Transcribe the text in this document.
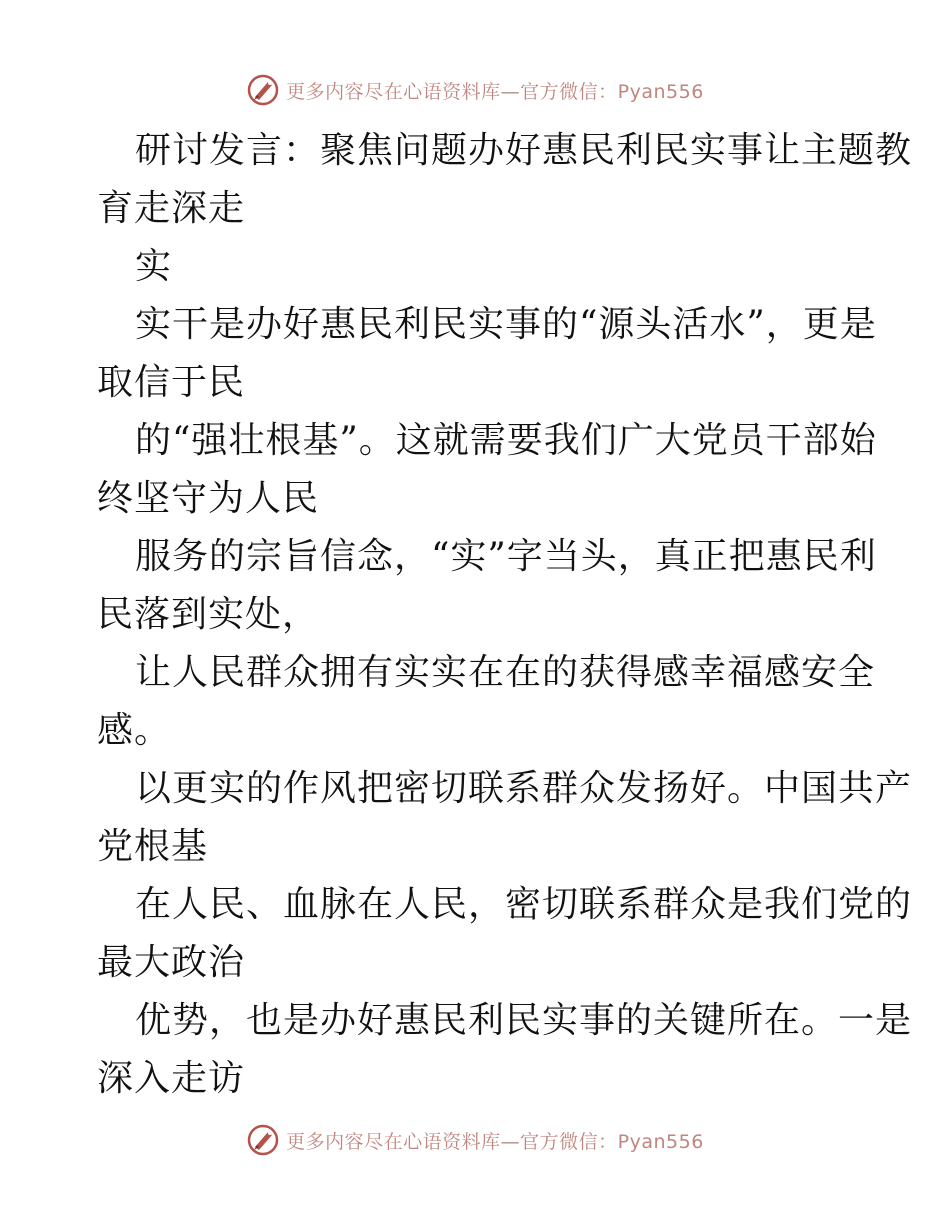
更多内容尽在心语资料库—官方微信：Pyan556
研讨发言：聚焦问题办好惠民利民实事让主题教
育走深走
实
实干是办好惠民利民实事的“源头活水”，更是
取信于民
的“强壮根基”。这就需要我们广大党员干部始
终坚守为人民
服务的宗旨信念，“实”字当头，真正把惠民利
民落到实处，
让人民群众拥有实实在在的获得感幸福感安全
感。
以更实的作风把密切联系群众发扬好。中国共产
党根基
在人民、血脉在人民，密切联系群众是我们党的
最大政治
优势，也是办好惠民利民实事的关键所在。一是
深入走访
更多内容尽在心语资料库—官方微信：Pyan556
